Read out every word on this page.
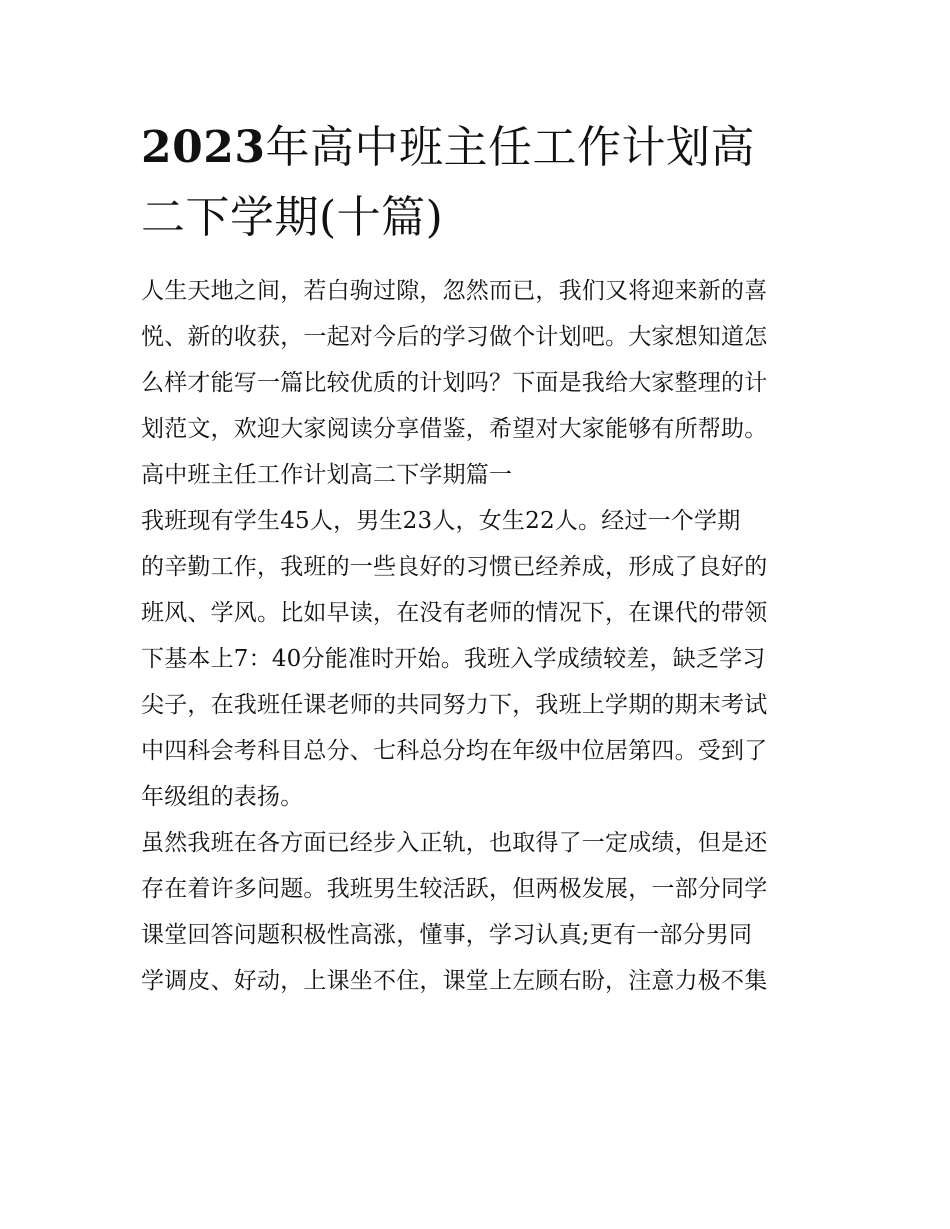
2023年高中班主任工作计划高
二下学期(十篇)
人生天地之间，若白驹过隙，忽然而已，我们又将迎来新的喜
悦、新的收获，一起对今后的学习做个计划吧。大家想知道怎
么样才能写一篇比较优质的计划吗？下面是我给大家整理的计
划范文，欢迎大家阅读分享借鉴，希望对大家能够有所帮助。
高中班主任工作计划高二下学期篇一
我班现有学生45人，男生23人，女生22人。经过一个学期
的辛勤工作，我班的一些良好的习惯已经养成，形成了良好的
班风、学风。比如早读，在没有老师的情况下，在课代的带领
下基本上7：40分能准时开始。我班入学成绩较差，缺乏学习
尖子，在我班任课老师的共同努力下，我班上学期的期末考试
中四科会考科目总分、七科总分均在年级中位居第四。受到了
年级组的表扬。
虽然我班在各方面已经步入正轨，也取得了一定成绩，但是还
存在着许多问题。我班男生较活跃，但两极发展，一部分同学
课堂回答问题积极性高涨，懂事，学习认真;更有一部分男同
学调皮、好动，上课坐不住，课堂上左顾右盼，注意力极不集
